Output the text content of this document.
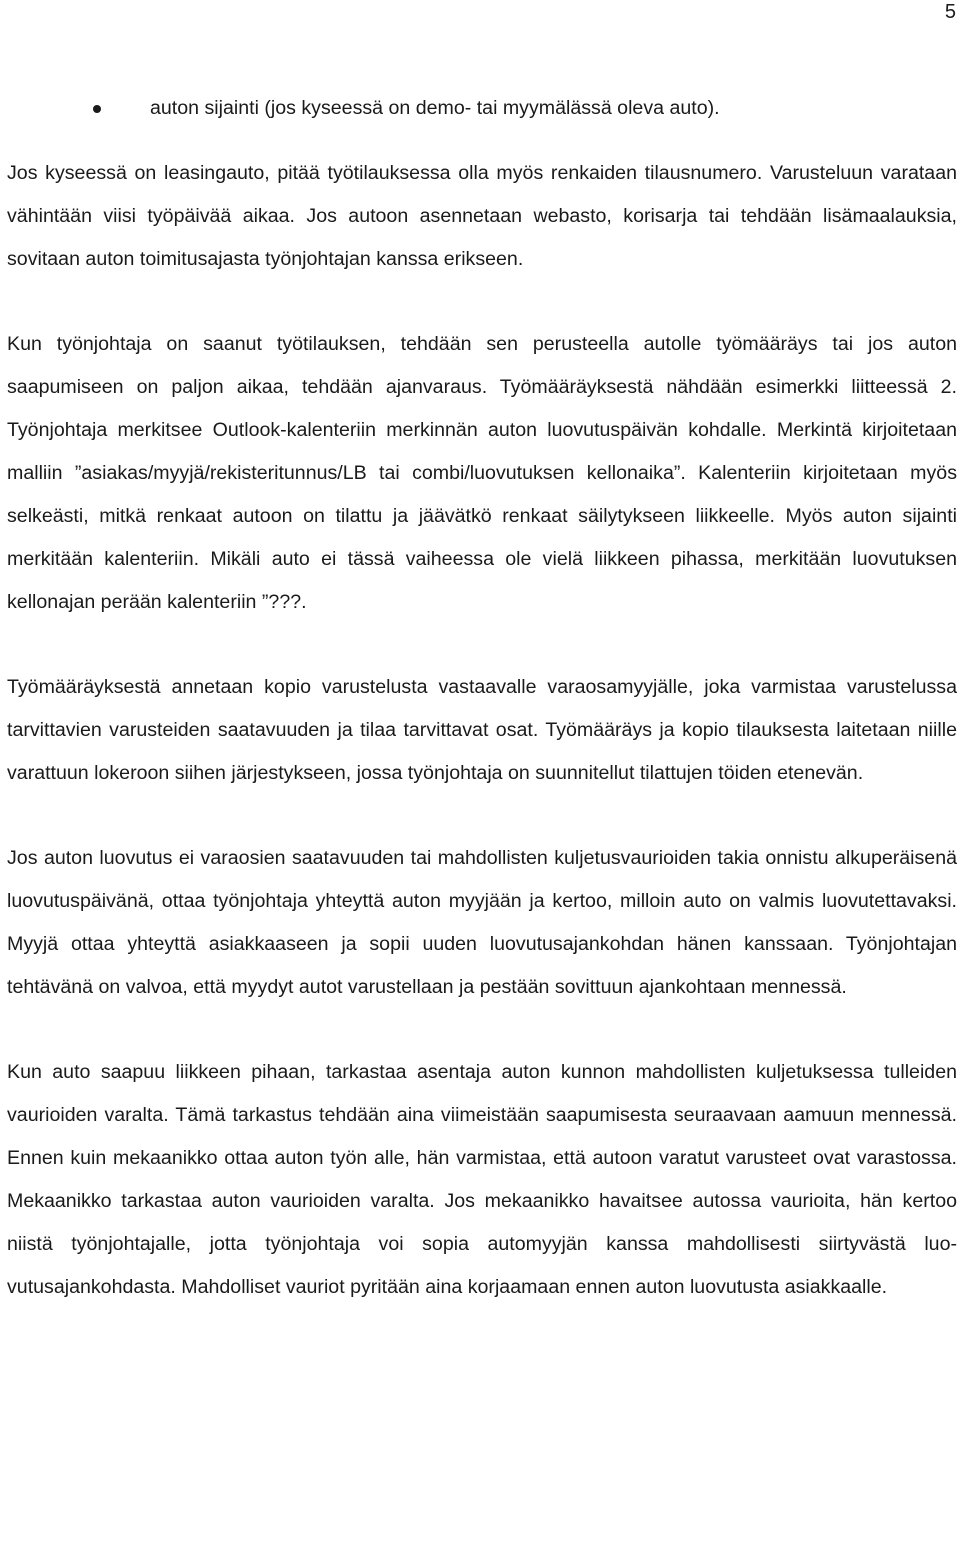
5
auton sijainti (jos kyseessä on demo- tai myymälässä oleva auto).

Jos kyseessä on leasingauto, pitää työtilauksessa olla myös renkaiden tilausnumero. Varusteluun varataan vähintään viisi työpäivää aikaa. Jos autoon asennetaan webasto, korisarja tai tehdään lisämaalauksia, sovitaan auton toimitusajasta työnjohtajan kanssa erikseen.

Kun työnjohtaja on saanut työtilauksen, tehdään sen perusteella autolle työmääräys tai jos auton saapumiseen on paljon aikaa, tehdään ajanvaraus. Työmääräyksestä nähdään esimerkki liitteessä 2. Työnjohtaja merkitsee Outlook-kalenteriin merkinnän auton luovutuspäivän kohdalle. Merkintä kirjoitetaan malliin ”asiakas/myyjä/rekisteritunnus/LB tai combi/luovutuksen kellonaika”. Kalenteriin kirjoitetaan myös selkeästi, mitkä renkaat autoon on tilattu ja jäävätkö renkaat säilytykseen liikkeelle. Myös auton sijainti merkitään kalenteriin. Mikäli auto ei tässä vaiheessa ole vielä liikkeen pihassa, merkitään luovutuksen kellonajan perään kalenteriin ”???.

Työmääräyksestä annetaan kopio varustelusta vastaavalle varaosamyyjälle, joka varmistaa varustelussa tarvittavien varusteiden saatavuuden ja tilaa tarvittavat osat. Työmääräys ja kopio tilauksesta laitetaan niille varattuun lokeroon siihen järjestykseen, jossa työnjohtaja on suunnitellut tilattujen töiden etenevän.

Jos auton luovutus ei varaosien saatavuuden tai mahdollisten kuljetusvaurioiden takia onnistu alkuperäisenä luovutuspäivänä, ottaa työnjohtaja yhteyttä auton myyjään ja kertoo, milloin auto on valmis luovutettavaksi. Myyjä ottaa yhteyttä asiakkaaseen ja sopii uuden luovutusajankohdan hänen kanssaan. Työnjohtajan tehtävänä on valvoa, että myydyt autot varustellaan ja pestään sovittuun ajankohtaan mennessä.

Kun auto saapuu liikkeen pihaan, tarkastaa asentaja auton kunnon mahdollisten kuljetuksessa tulleiden vaurioiden varalta. Tämä tarkastus tehdään aina viimeistään saapumisesta seuraavaan aamuun mennessä. Ennen kuin mekaanikko ottaa auton työn alle, hän varmistaa, että autoon varatut varusteet ovat varastossa. Mekaanikko tarkastaa auton vaurioiden varalta. Jos mekaanikko havaitsee autossa vaurioita, hän kertoo niistä työnjohtajalle, jotta työnjohtaja voi sopia automyyjän kanssa mahdollisesti siirtyvästä luovutusajankohdasta. Mahdolliset vauriot pyritään aina korjaamaan ennen auton luovutusta asiakkaalle.
